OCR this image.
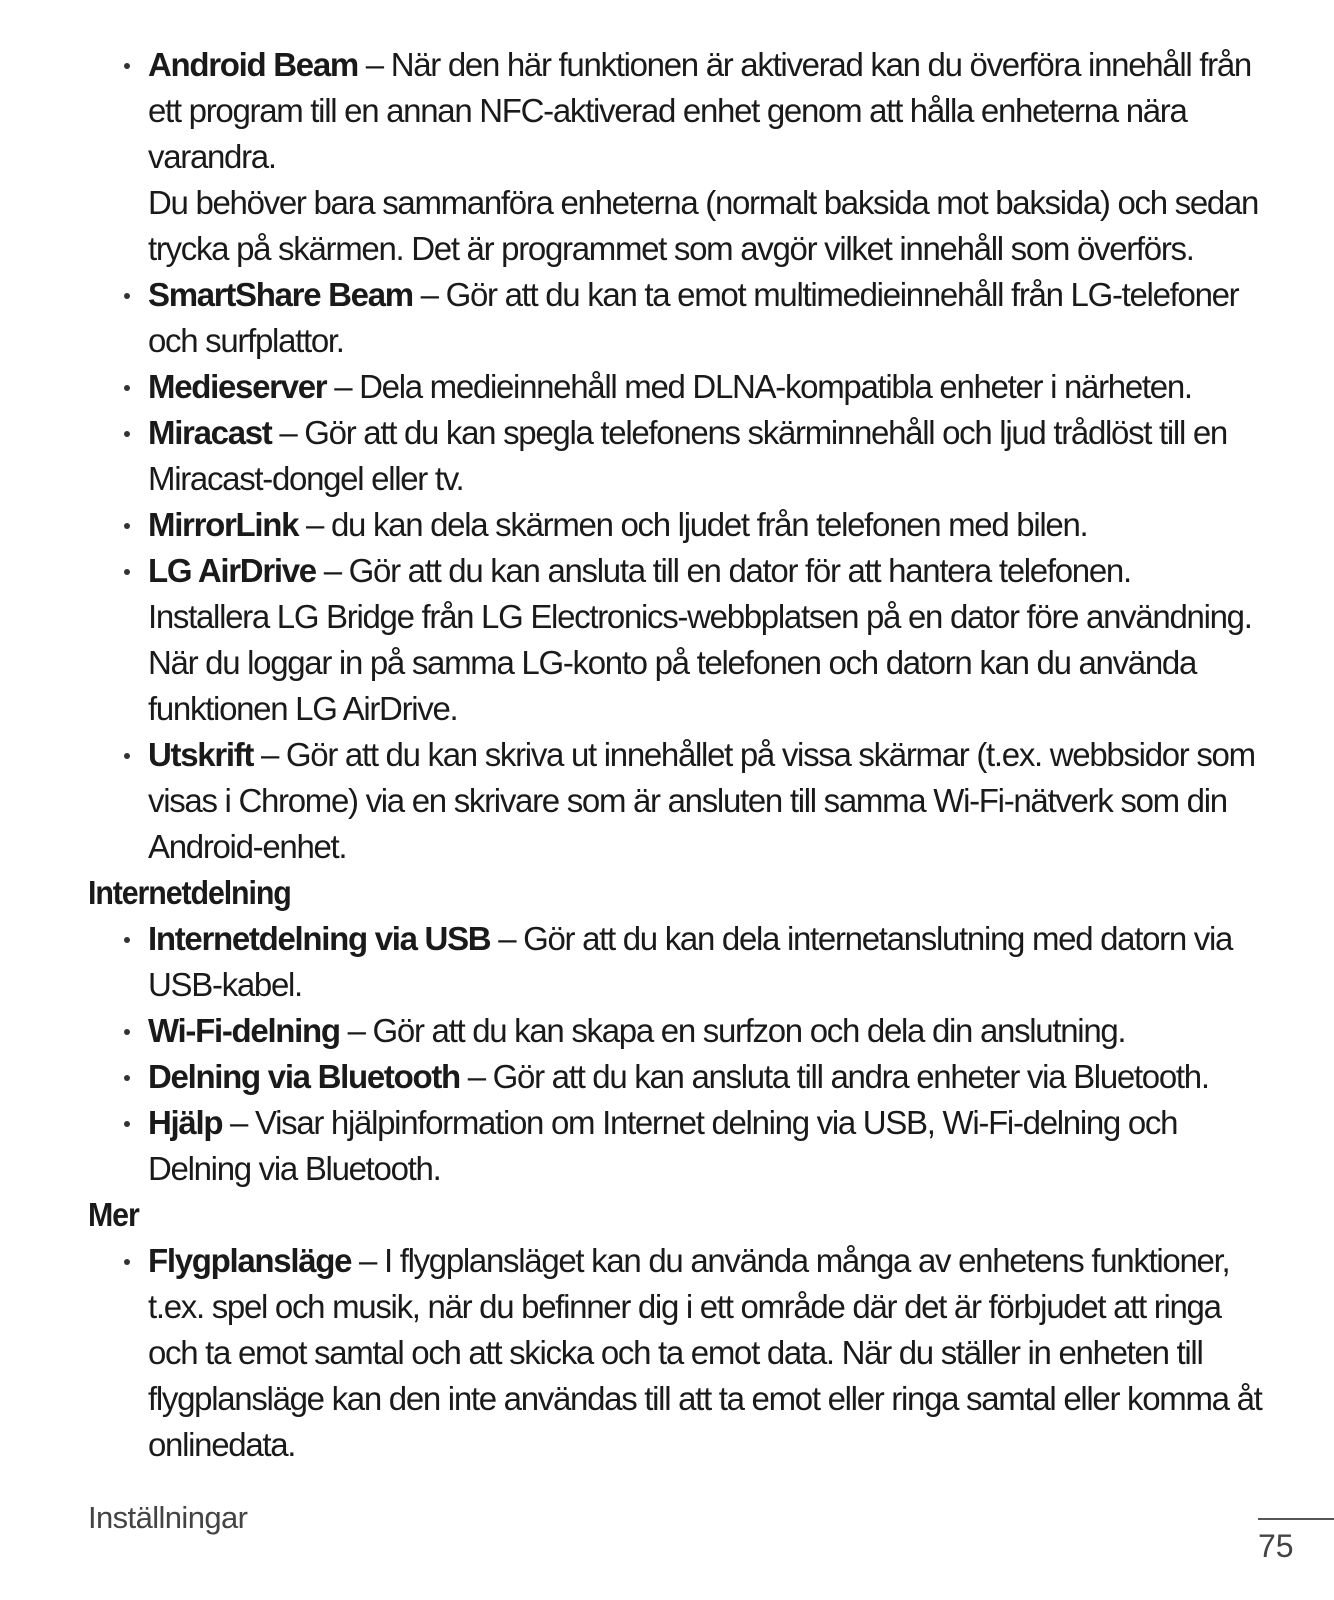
Android Beam – När den här funktionen är aktiverad kan du överföra innehåll från ett program till en annan NFC-aktiverad enhet genom att hålla enheterna nära varandra.
Du behöver bara sammanföra enheterna (normalt baksida mot baksida) och sedan trycka på skärmen. Det är programmet som avgör vilket innehåll som överförs.
SmartShare Beam – Gör att du kan ta emot multimedieinnehåll från LG-telefoner och surfplattor.
Medieserver – Dela medieinnehåll med DLNA-kompatibla enheter i närheten.
Miracast – Gör att du kan spegla telefonens skärminnehåll och ljud trådlöst till en Miracast-dongel eller tv.
MirrorLink – du kan dela skärmen och ljudet från telefonen med bilen.
LG AirDrive – Gör att du kan ansluta till en dator för att hantera telefonen.
Installera LG Bridge från LG Electronics-webbplatsen på en dator före användning. När du loggar in på samma LG-konto på telefonen och datorn kan du använda funktionen LG AirDrive.
Utskrift – Gör att du kan skriva ut innehållet på vissa skärmar (t.ex. webbsidor som visas i Chrome) via en skrivare som är ansluten till samma Wi-Fi-nätverk som din Android-enhet.
Internetdelning
Internetdelning via USB – Gör att du kan dela internetanslutning med datorn via USB-kabel.
Wi-Fi-delning – Gör att du kan skapa en surfzon och dela din anslutning.
Delning via Bluetooth – Gör att du kan ansluta till andra enheter via Bluetooth.
Hjälp – Visar hjälpinformation om Internet delning via USB, Wi-Fi-delning och Delning via Bluetooth.
Mer
Flygplansläge – I flygplansläget kan du använda många av enhetens funktioner, t.ex. spel och musik, när du befinner dig i ett område där det är förbjudet att ringa och ta emot samtal och att skicka och ta emot data. När du ställer in enheten till flygplansläge kan den inte användas till att ta emot eller ringa samtal eller komma åt onlinedata.
Inställningar
75
